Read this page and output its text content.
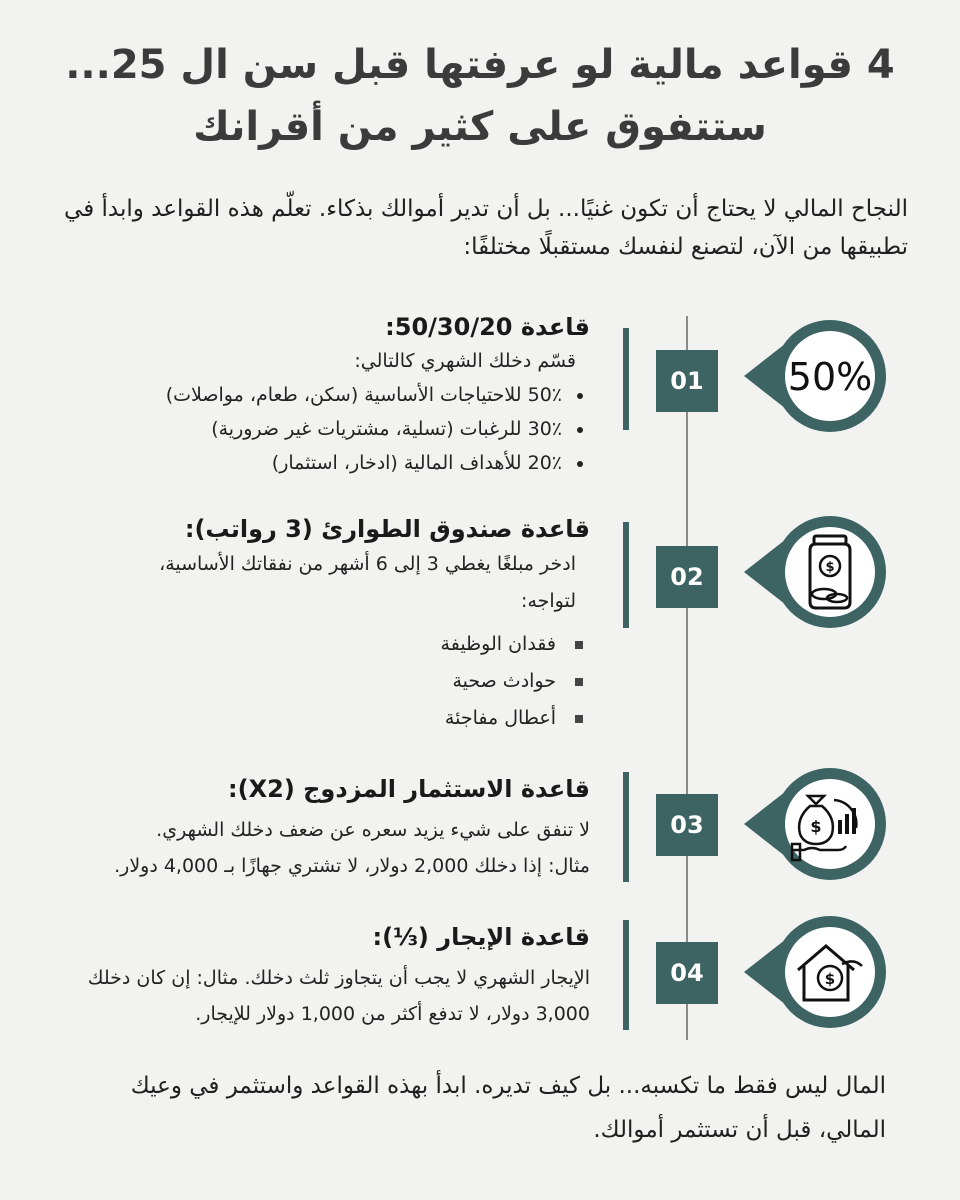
4 قواعد مالية لو عرفتها قبل سن ال 25...
ستتفوق على كثير من أقرانك

النجاح المالي لا يحتاج أن تكون غنيًا... بل أن تدير أموالك بذكاء. تعلّم هذه القواعد وابدأ في تطبيقها من الآن، لتصنع لنفسك مستقبلًا مختلفًا:

01	50%
قاعدة 50/30/20:

قسّم دخلك الشهري كالتالي:

50٪ للاحتياجات الأساسية (سكن، طعام، مواصلات)
30٪ للرغبات (تسلية، مشتريات غير ضرورية)
20٪ للأهداف المالية (ادخار، استثمار)
02	$
قاعدة صندوق الطوارئ (3 رواتب):

ادخر مبلغًا يغطي 3 إلى 6 أشهر من نفقاتك الأساسية، لتواجه:

فقدان الوظيفة
حوادث صحية
أعطال مفاجئة
03	$
قاعدة الاستثمار المزدوج (X2):

لا تنفق على شيء يزيد سعره عن ضعف دخلك الشهري.

مثال: إذا دخلك 2,000 دولار، لا تشتري جهازًا بـ 4,000 دولار.

04	$
قاعدة الإيجار (⅓):

الإيجار الشهري لا يجب أن يتجاوز ثلث دخلك. مثال: إن كان دخلك 3,000 دولار، لا تدفع أكثر من 1,000 دولار للإيجار.

المال ليس فقط ما تكسبه... بل كيف تديره. ابدأ بهذه القواعد واستثمر في وعيك المالي، قبل أن تستثمر أموالك.
